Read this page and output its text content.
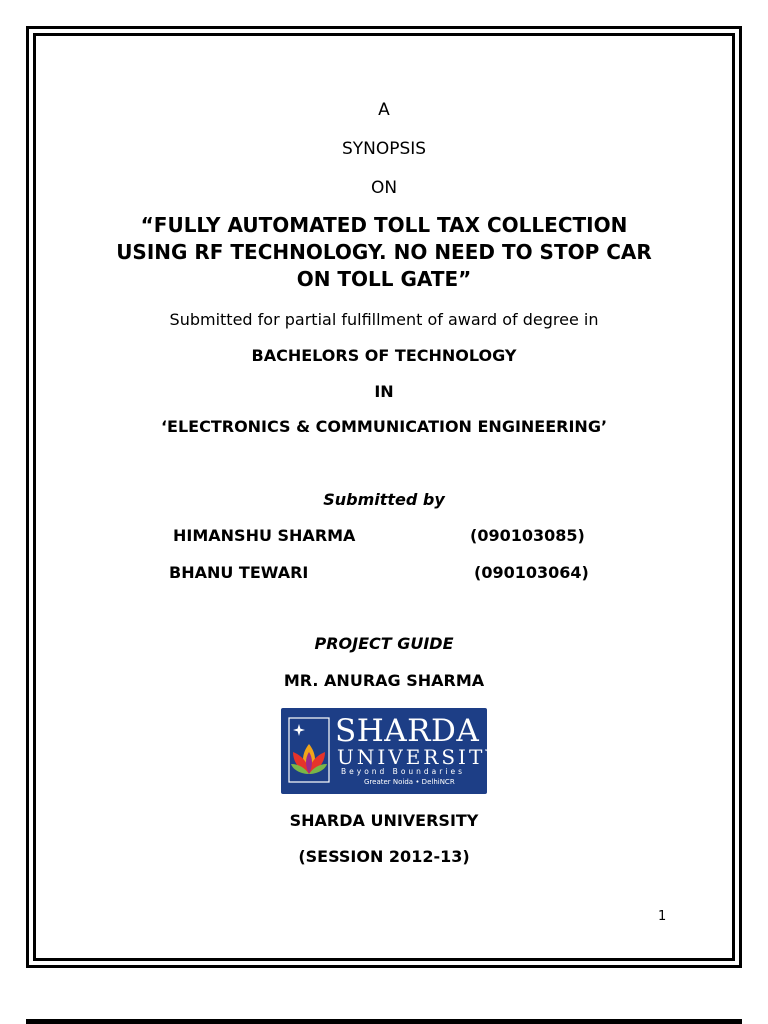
A
SYNOPSIS
ON
“FULLY AUTOMATED TOLL TAX COLLECTION
USING RF TECHNOLOGY. NO NEED TO STOP CAR
ON TOLL GATE”
Submitted for partial fulfillment of award of degree in
BACHELORS OF TECHNOLOGY
IN
‘ELECTRONICS & COMMUNICATION ENGINEERING’
Submitted by
HIMANSHU SHARMA	(090103085)
BHANU TEWARI	(090103064)
PROJECT GUIDE
MR. ANURAG SHARMA
SHARDA
UNIVERSITY
Beyond Boundaries
Greater Noida • DelhiNCR
SHARDA UNIVERSITY
(SESSION 2012-13)
1
